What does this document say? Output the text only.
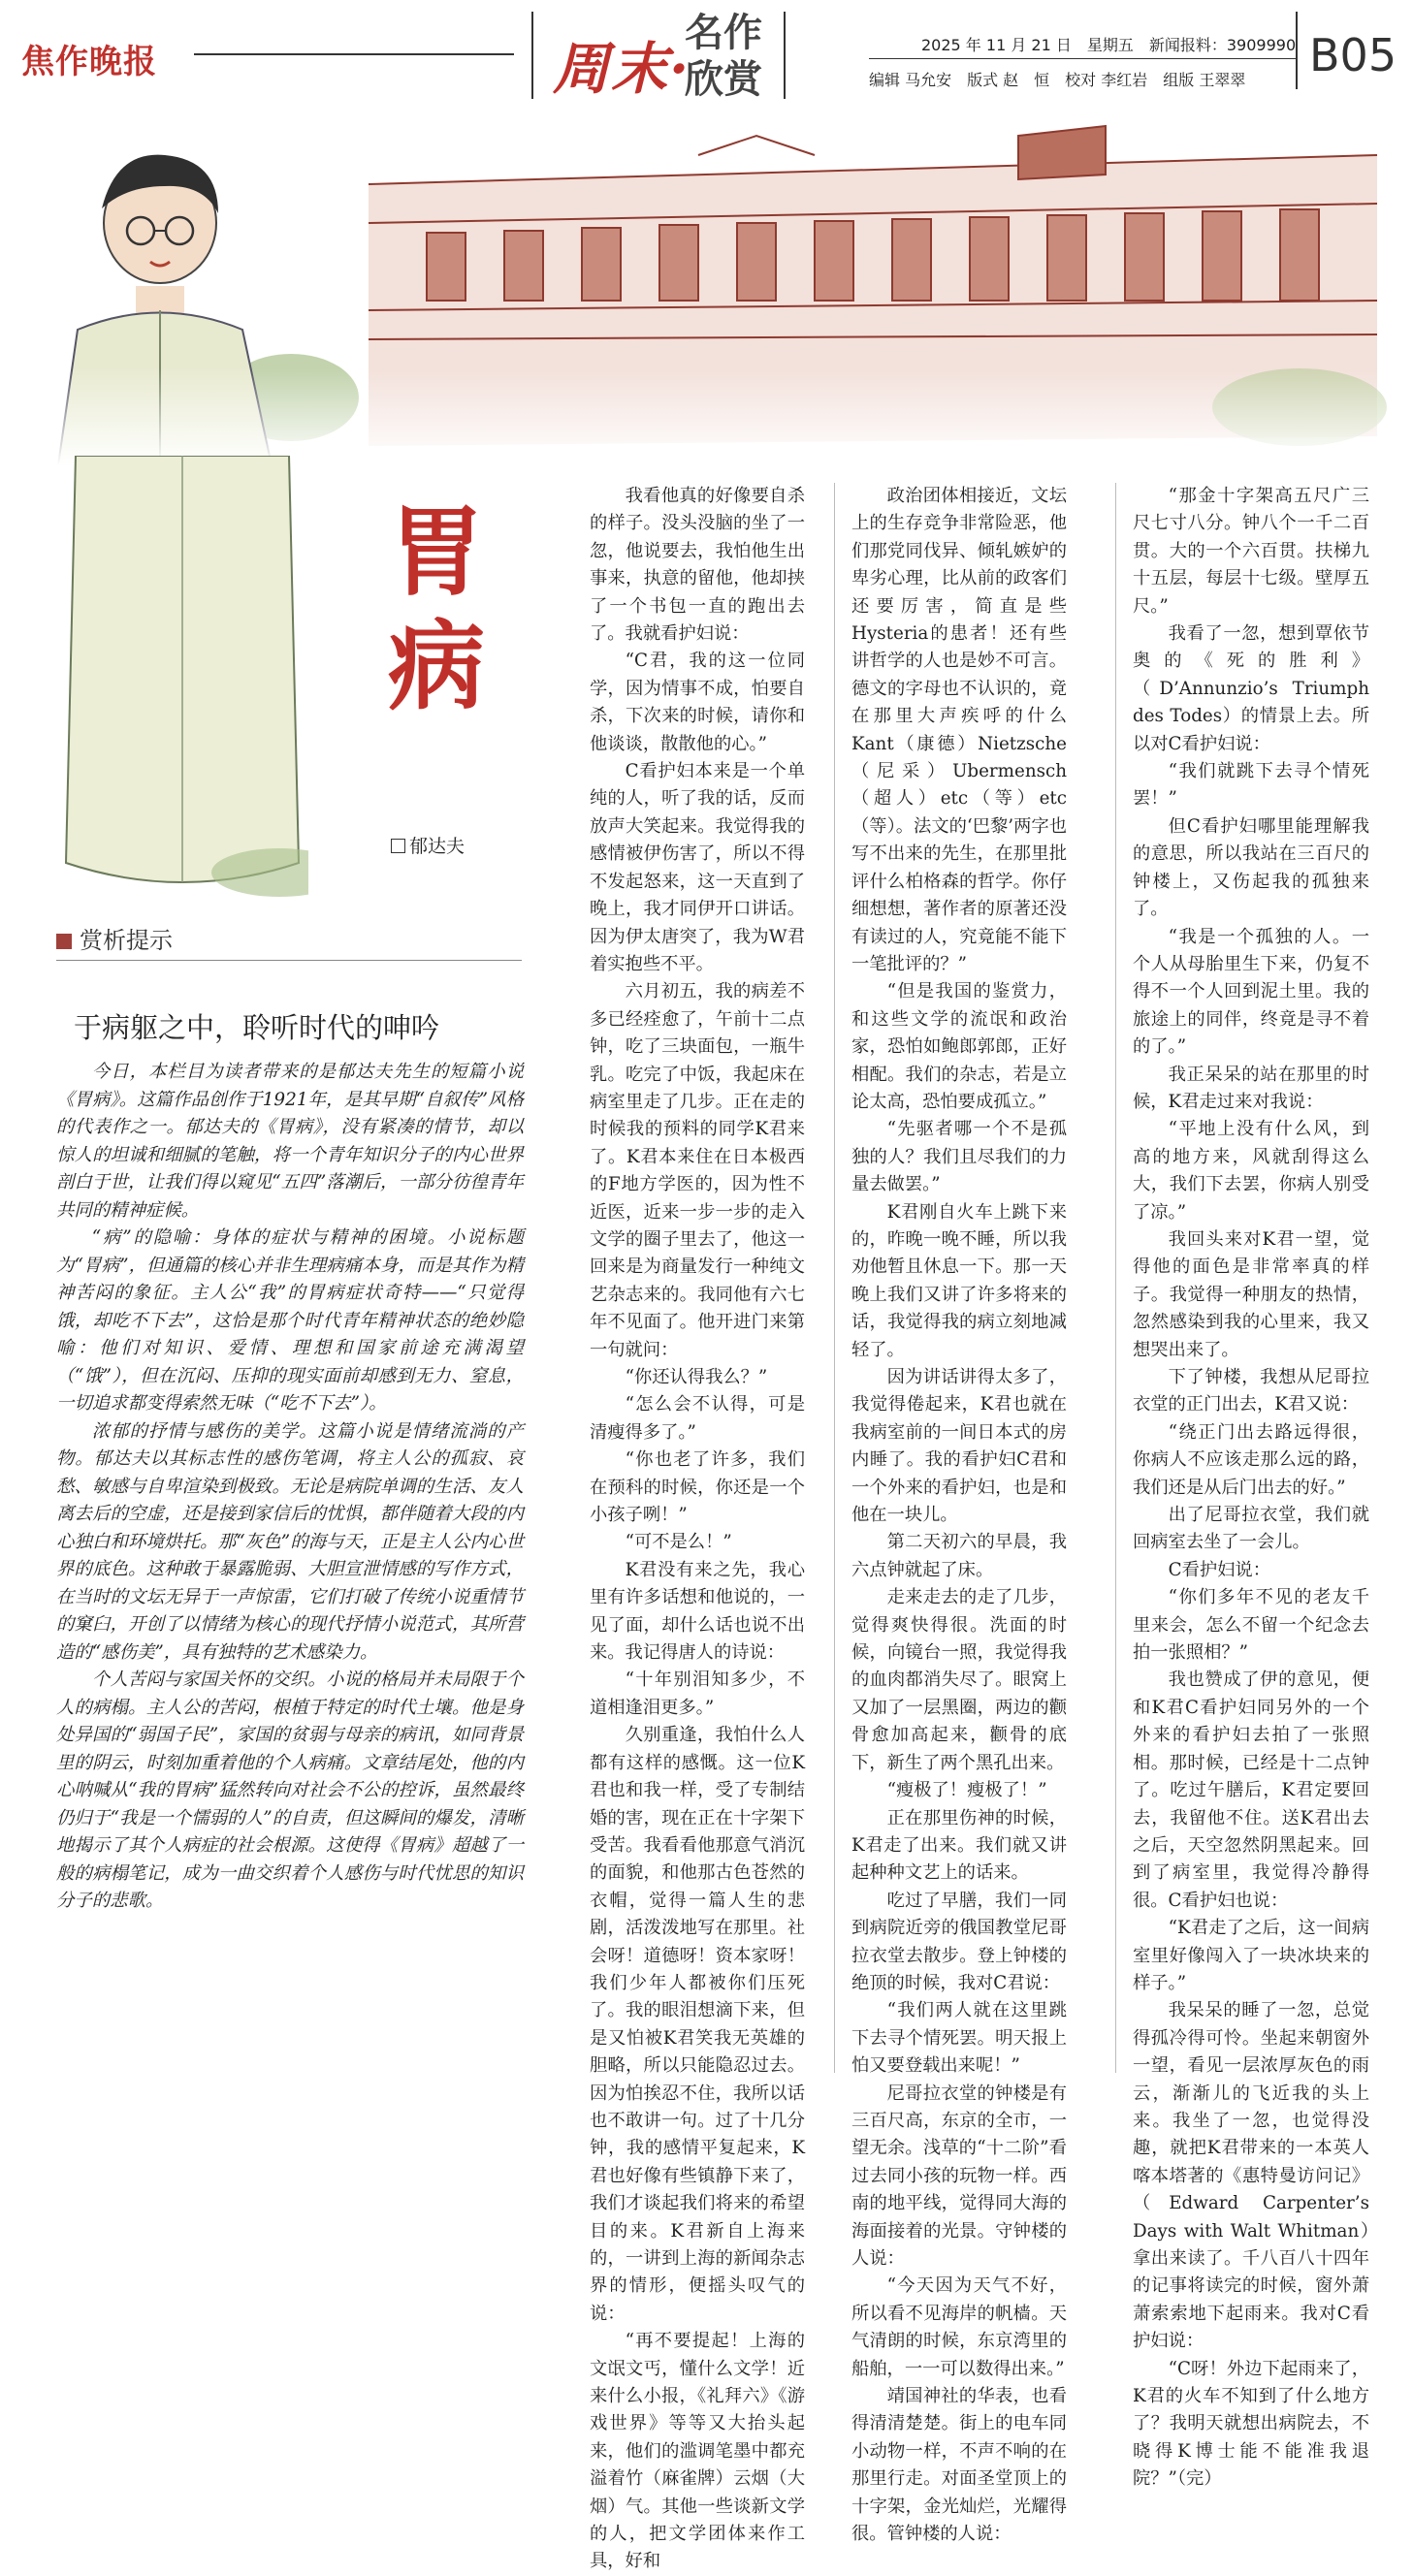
焦作晚报	周末·
名作
欣赏
2025 年 11 月 21 日　星期五　新闻报料：3909990
编辑 马允安　版式 赵　恒　校对 李红岩　组版 王翠翠 B05
胃
病
郁达夫
赏析提示
于病躯之中，聆听时代的呻吟

今日，本栏目为读者带来的是郁达夫先生的短篇小说《胃病》。这篇作品创作于1921年，是其早期“自叙传”风格的代表作之一。郁达夫的《胃病》，没有紧凑的情节，却以惊人的坦诚和细腻的笔触，将一个青年知识分子的内心世界剖白于世，让我们得以窥见“五四”落潮后，一部分彷徨青年共同的精神症候。

“病”的隐喻：身体的症状与精神的困境。小说标题为“胃病”，但通篇的核心并非生理病痛本身，而是其作为精神苦闷的象征。主人公“我”的胃病症状奇特——“只觉得饿，却吃不下去”，这恰是那个时代青年精神状态的绝妙隐喻：他们对知识、爱情、理想和国家前途充满渴望（“饿”），但在沉闷、压抑的现实面前却感到无力、窒息，一切追求都变得索然无味（“吃不下去”）。

浓郁的抒情与感伤的美学。这篇小说是情绪流淌的产物。郁达夫以其标志性的感伤笔调，将主人公的孤寂、哀愁、敏感与自卑渲染到极致。无论是病院单调的生活、友人离去后的空虚，还是接到家信后的忧惧，都伴随着大段的内心独白和环境烘托。那“灰色”的海与天，正是主人公内心世界的底色。这种敢于暴露脆弱、大胆宣泄情感的写作方式，在当时的文坛无异于一声惊雷，它们打破了传统小说重情节的窠臼，开创了以情绪为核心的现代抒情小说范式，其所营造的“感伤美”，具有独特的艺术感染力。

个人苦闷与家国关怀的交织。小说的格局并未局限于个人的病榻。主人公的苦闷，根植于特定的时代土壤。他是身处异国的“弱国子民”，家国的贫弱与母亲的病讯，如同背景里的阴云，时刻加重着他的个人病痛。文章结尾处，他的内心呐喊从“我的胃病”猛然转向对社会不公的控诉，虽然最终仍归于“我是一个懦弱的人”的自责，但这瞬间的爆发，清晰地揭示了其个人病症的社会根源。这使得《胃病》超越了一般的病榻笔记，成为一曲交织着个人感伤与时代忧思的知识分子的悲歌。

我看他真的好像要自杀的样子。没头没脑的坐了一忽，他说要去，我怕他生出事来，执意的留他，他却挟了一个书包一直的跑出去了。我就看护妇说：

“C君，我的这一位同学，因为情事不成，怕要自杀，下次来的时候，请你和他谈谈，散散他的心。”

C看护妇本来是一个单纯的人，听了我的话，反而放声大笑起来。我觉得我的感情被伊伤害了，所以不得不发起怒来，这一天直到了晚上，我才同伊开口讲话。因为伊太唐突了，我为W君着实抱些不平。

六月初五，我的病差不多已经痊愈了，午前十二点钟，吃了三块面包，一瓶牛乳。吃完了中饭，我起床在病室里走了几步。正在走的时候我的预料的同学K君来了。K君本来住在日本极西的F地方学医的，因为性不近医，近来一步一步的走入文学的圈子里去了，他这一回来是为商量发行一种纯文艺杂志来的。我同他有六七年不见面了。他开进门来第一句就问：

“你还认得我么？”

“怎么会不认得，可是清瘦得多了。”

“你也老了许多，我们在预科的时候，你还是一个小孩子咧！”

“可不是么！”

K君没有来之先，我心里有许多话想和他说的，一见了面，却什么话也说不出来。我记得唐人的诗说：

“十年别泪知多少，不道相逢泪更多。”

久别重逢，我怕什么人都有这样的感慨。这一位K君也和我一样，受了专制结婚的害，现在正在十字架下受苦。我看看他那意气消沉的面貌，和他那古色苍然的衣帽，觉得一篇人生的悲剧，活泼泼地写在那里。社会呀！道德呀！资本家呀！我们少年人都被你们压死了。我的眼泪想滴下来，但是又怕被K君笑我无英雄的胆略，所以只能隐忍过去。因为怕挨忍不住，我所以话也不敢讲一句。过了十几分钟，我的感情平复起来，K君也好像有些镇静下来了，我们才谈起我们将来的希望目的来。K君新自上海来的，一讲到上海的新闻杂志界的情形，便摇头叹气的说：

“再不要提起！上海的文氓文丐，懂什么文学！近来什么小报，《礼拜六》《游戏世界》等等又大抬头起来，他们的滥调笔墨中都充溢着竹（麻雀牌）云烟（大烟）气。其他一些谈新文学的人，把文学团体来作工具，好和

政治团体相接近，文坛上的生存竞争非常险恶，他们那党同伐异、倾轧嫉妒的卑劣心理，比从前的政客们还要厉害，简直是些Hysteria的患者！还有些讲哲学的人也是妙不可言。德文的字母也不认识的，竟在那里大声疾呼的什么Kant（康德）Nietzsche（尼采）Ubermensch（超人）etc（等）etc（等）。法文的‘巴黎’两字也写不出来的先生，在那里批评什么柏格森的哲学。你仔细想想，著作者的原著还没有读过的人，究竟能不能下一笔批评的？”

“但是我国的鉴赏力，和这些文学的流氓和政治家，恐怕如鲍郎郭郎，正好相配。我们的杂志，若是立论太高，恐怕要成孤立。”

“先驱者哪一个不是孤独的人？我们且尽我们的力量去做罢。”

K君刚自火车上跳下来的，昨晚一晚不睡，所以我劝他暂且休息一下。那一天晚上我们又讲了许多将来的话，我觉得我的病立刻地减轻了。

因为讲话讲得太多了，我觉得倦起来，K君也就在我病室前的一间日本式的房内睡了。我的看护妇C君和一个外来的看护妇，也是和他在一块儿。

第二天初六的早晨，我六点钟就起了床。

走来走去的走了几步，觉得爽快得很。洗面的时候，向镜台一照，我觉得我的血肉都消失尽了。眼窝上又加了一层黑圈，两边的颧骨愈加高起来，颧骨的底下，新生了两个黑孔出来。

“瘦极了！瘦极了！”

正在那里伤神的时候，K君走了出来。我们就又讲起种种文艺上的话来。

吃过了早膳，我们一同到病院近旁的俄国教堂尼哥拉衣堂去散步。登上钟楼的绝顶的时候，我对C君说：

“我们两人就在这里跳下去寻个情死罢。明天报上怕又要登载出来呢！”

尼哥拉衣堂的钟楼是有三百尺高，东京的全市，一望无余。浅草的“十二阶”看过去同小孩的玩物一样。西南的地平线，觉得同大海的海面接着的光景。守钟楼的人说：

“今天因为天气不好，所以看不见海岸的帆樯。天气清朗的时候，东京湾里的船舶，一一可以数得出来。”

靖国神社的华表，也看得清清楚楚。街上的电车同小动物一样，不声不响的在那里行走。对面圣堂顶上的十字架，金光灿烂，光耀得很。管钟楼的人说：

“那金十字架高五尺广三尺七寸八分。钟八个一千二百贯。大的一个六百贯。扶梯九十五层，每层十七级。壁厚五尺。”

我看了一忽，想到覃依节奥的《死的胜利》（D’Annunzio’s Triumph des Todes）的情景上去。所以对C看护妇说：

“我们就跳下去寻个情死罢！”

但C看护妇哪里能理解我的意思，所以我站在三百尺的钟楼上，又伤起我的孤独来了。

“我是一个孤独的人。一个人从母胎里生下来，仍复不得不一个人回到泥土里。我的旅途上的同伴，终竟是寻不着的了。”

我正呆呆的站在那里的时候，K君走过来对我说：

“平地上没有什么风，到高的地方来，风就刮得这么大，我们下去罢，你病人别受了凉。”

我回头来对K君一望，觉得他的面色是非常率真的样子。我觉得一种朋友的热情，忽然感染到我的心里来，我又想哭出来了。

下了钟楼，我想从尼哥拉衣堂的正门出去，K君又说：

“绕正门出去路远得很，你病人不应该走那么远的路，我们还是从后门出去的好。”

出了尼哥拉衣堂，我们就回病室去坐了一会儿。

C看护妇说：

“你们多年不见的老友千里来会，怎么不留一个纪念去拍一张照相？”

我也赞成了伊的意见，便和K君C看护妇同另外的一个外来的看护妇去拍了一张照相。那时候，已经是十二点钟了。吃过午膳后，K君定要回去，我留他不住。送K君出去之后，天空忽然阴黑起来。回到了病室里，我觉得冷静得很。C看护妇也说：

“K君走了之后，这一间病室里好像闯入了一块冰块来的样子。”

我呆呆的睡了一忽，总觉得孤冷得可怜。坐起来朝窗外一望，看见一层浓厚灰色的雨云，渐渐儿的飞近我的头上来。我坐了一忽，也觉得没趣，就把K君带来的一本英人喀本塔著的《惠特曼访问记》（Edward Carpenter’s Days with Walt Whitman）拿出来读了。千八百八十四年的记事将读完的时候，窗外萧萧索索地下起雨来。我对C看护妇说：

“C呀！外边下起雨来了，K君的火车不知到了什么地方了？我明天就想出病院去，不晓得K博士能不能准我退院？”（完）
